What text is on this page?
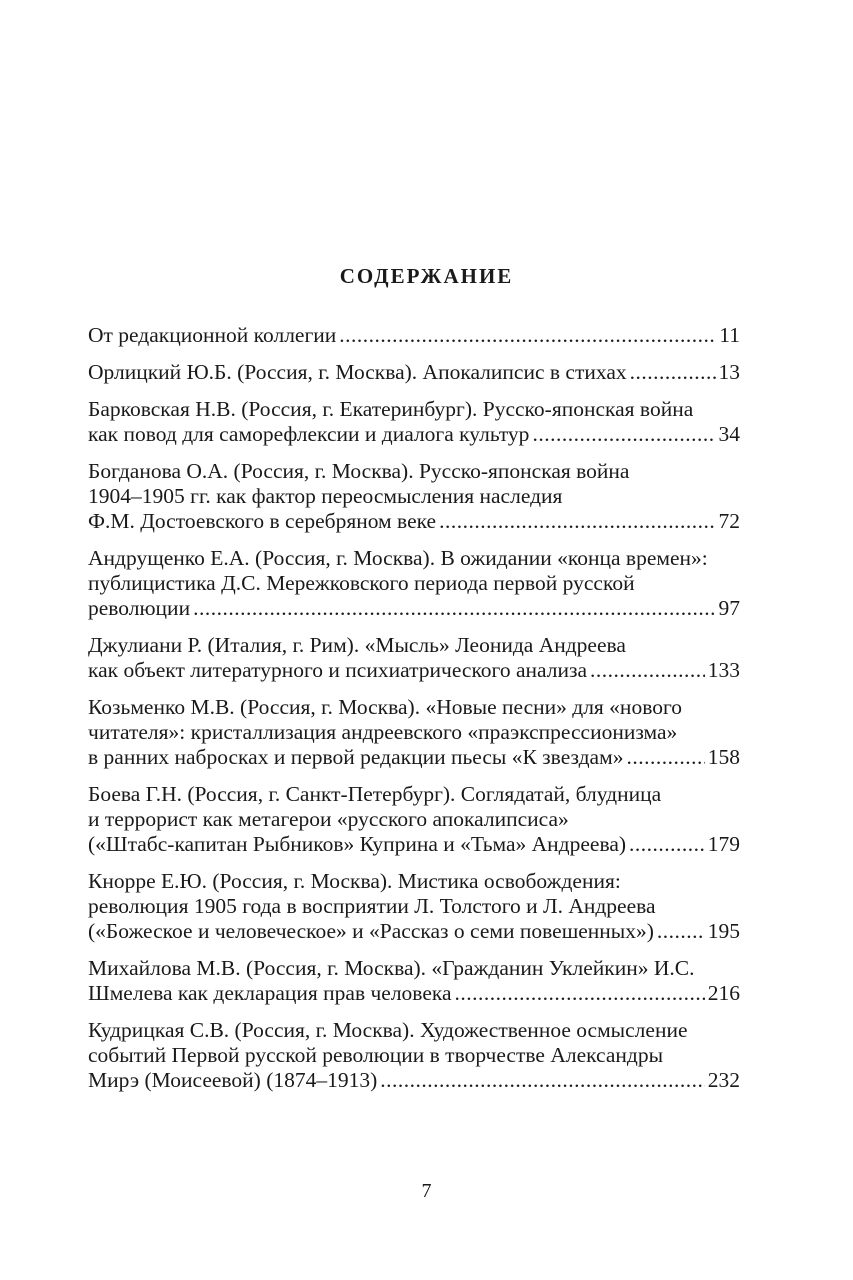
СОДЕРЖАНИЕ
От редакционной коллегии .....	11
Орлицкий Ю.Б. (Россия, г. Москва). Апокалипсис в стихах .....	13
Барковская Н.В. (Россия, г. Екатеринбург). Русско-японская война
как повод для саморефлексии и диалога культур .....	34
Богданова О.А. (Россия, г. Москва). Русско-японская война
1904–1905 гг. как фактор переосмысления наследия
Ф.М. Достоевского в серебряном веке .....	72
Андрущенко Е.А. (Россия, г. Москва). В ожидании «конца времен»:
публицистика Д.С. Мережковского периода первой русской
революции .....	97
Джулиани Р. (Италия, г. Рим). «Мысль» Леонида Андреева
как объект литературного и психиатрического анализа .....	133
Козьменко М.В. (Россия, г. Москва). «Новые песни» для «нового
читателя»: кристаллизация андреевского «праэкспрессионизма»
в ранних набросках и первой редакции пьесы «К звездам» .....	158
Боева Г.Н. (Россия, г. Санкт-Петербург). Соглядатай, блудница
и террорист как метагерои «русского апокалипсиса»
(«Штабс-капитан Рыбников» Куприна и «Тьма» Андреева) .....	179
Кнорре Е.Ю. (Россия, г. Москва). Мистика освобождения:
революция 1905 года в восприятии Л. Толстого и Л. Андреева
(«Божеское и человеческое» и «Рассказ о семи повешенных») .....	195
Михайлова М.В. (Россия, г. Москва). «Гражданин Уклейкин» И.С.
Шмелева как декларация прав человека .....	216
Кудрицкая С.В. (Россия, г. Москва). Художественное осмысление
событий Первой русской революции в творчестве Александры
Мирэ (Моисеевой) (1874–1913) .....	232
7
